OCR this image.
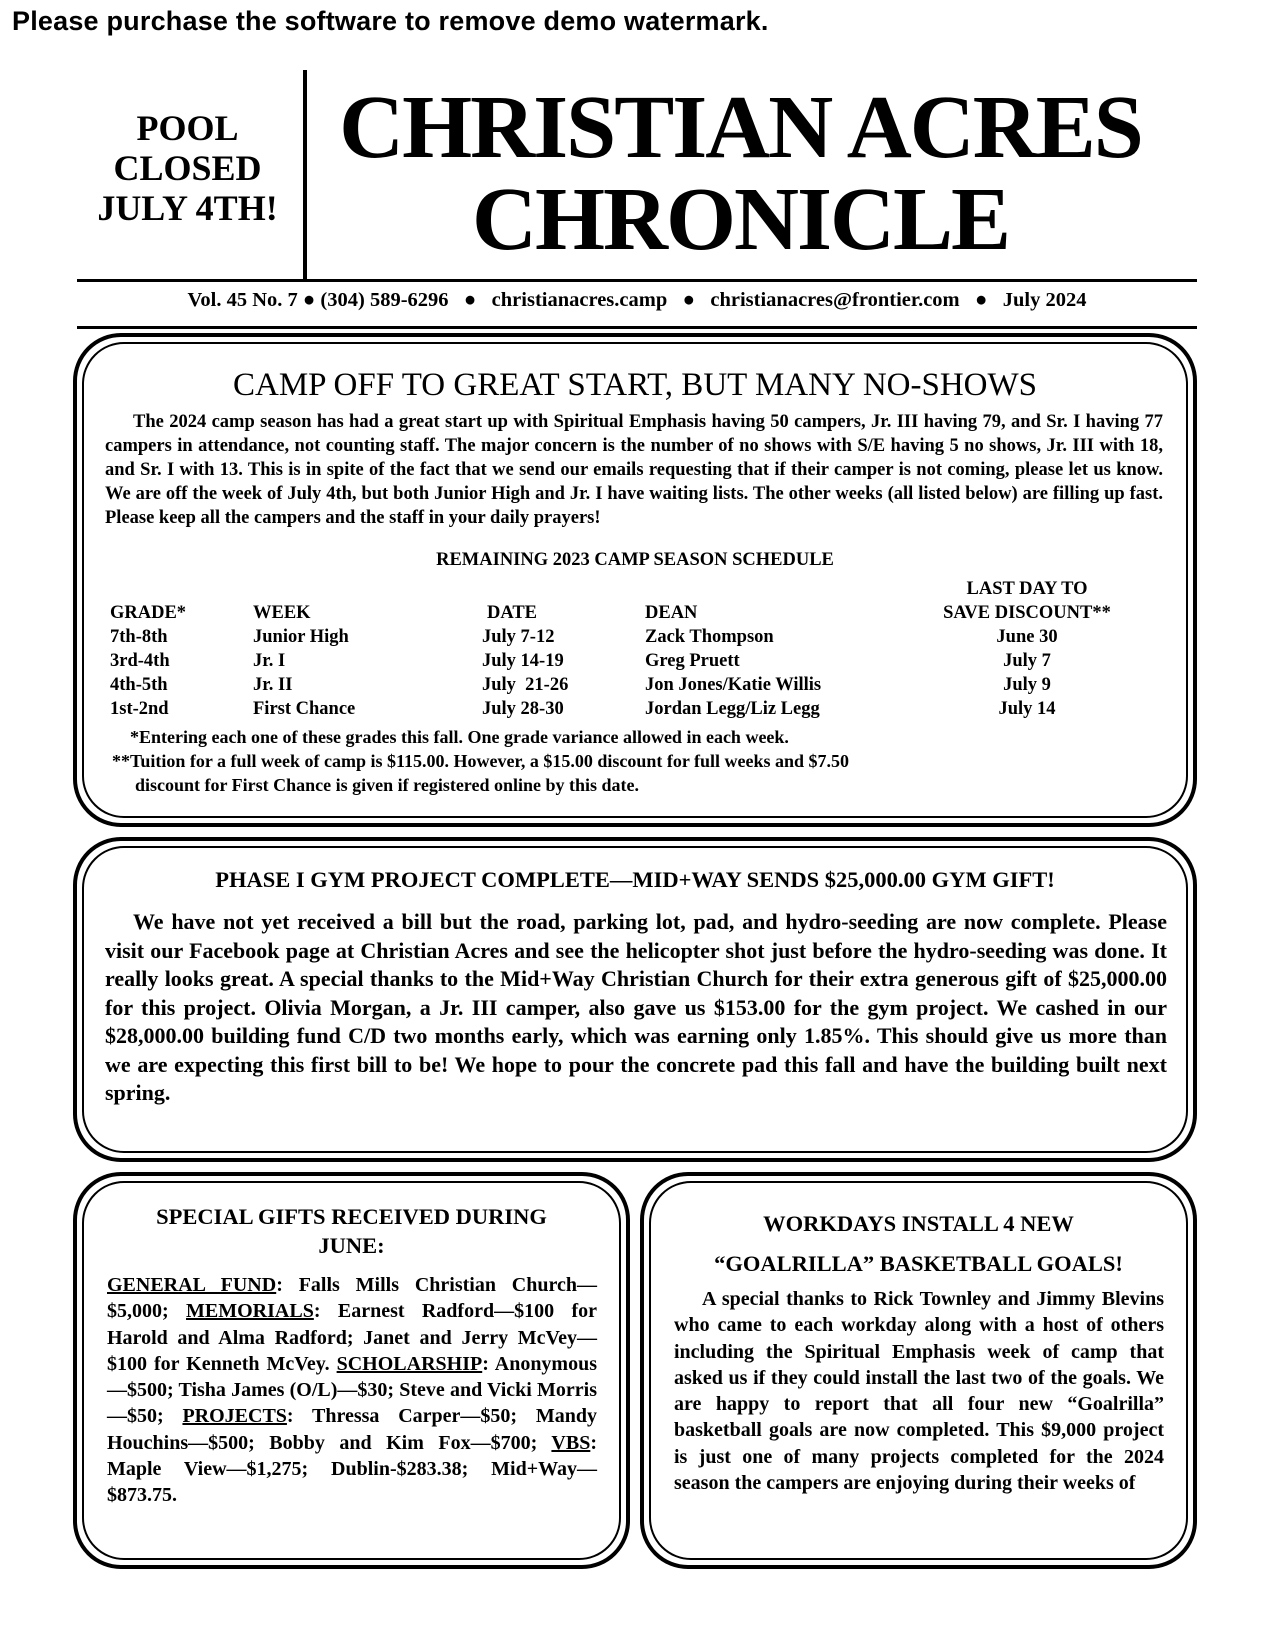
Please purchase the software to remove demo watermark.
POOL
CLOSED
JULY 4TH!
CHRISTIAN ACRES
CHRONICLE
Vol. 45 No. 7 ● (304) 589-6296   ●   christianacres.camp   ●   christianacres@frontier.com   ●   July 2024
CAMP OFF TO GREAT START, BUT MANY NO-SHOWS
The 2024 camp season has had a great start up with Spiritual Emphasis having 50 campers, Jr. III having 79, and Sr. I having 77 campers in attendance, not counting staff. The major concern is the number of no shows with S/E having 5 no shows, Jr. III with 18, and Sr. I with 13. This is in spite of the fact that we send our emails requesting that if their camper is not coming, please let us know. We are off the week of July 4th, but both Junior High and Jr. I have waiting lists. The other weeks (all listed below) are filling up fast. Please keep all the campers and the staff in your daily prayers!
REMAINING 2023 CAMP SEASON SCHEDULE
				LAST DAY TO
GRADE*	WEEK	DATE	DEAN	SAVE DISCOUNT**
7th-8th	Junior High	July 7-12	Zack Thompson	June 30
3rd-4th	Jr. I	July 14-19	Greg Pruett	July 7
4th-5th	Jr. II	July  21-26	Jon Jones/Katie Willis	July 9
1st-2nd	First Chance	July 28-30	Jordan Legg/Liz Legg	July 14
*Entering each one of these grades this fall. One grade variance allowed in each week.
**Tuition for a full week of camp is $115.00. However, a $15.00 discount for full weeks and $7.50
discount for First Chance is given if registered online by this date.
PHASE I GYM PROJECT COMPLETE—MID+WAY SENDS $25,000.00 GYM GIFT!
We have not yet received a bill but the road, parking lot, pad, and hydro-seeding are now complete. Please visit our Facebook page at Christian Acres and see the helicopter shot just before the hydro-seeding was done. It really looks great. A special thanks to the Mid+Way Christian Church for their extra generous gift of $25,000.00 for this project. Olivia Morgan, a Jr. III camper, also gave us $153.00 for the gym project. We cashed in our $28,000.00 building fund C/D two months early, which was earning only 1.85%. This should give us more than we are expecting this first bill to be! We hope to pour the concrete pad this fall and have the building built next spring.
SPECIAL GIFTS RECEIVED DURING
JUNE:
GENERAL FUND: Falls Mills Christian Church—$5,000; MEMORIALS: Earnest Radford—$100 for Harold and Alma Radford; Janet and Jerry McVey—$100 for Kenneth McVey. SCHOLARSHIP: Anonymous—$500; Tisha James (O/L)—$30; Steve and Vicki Morris—$50; PROJECTS: Thressa Carper—$50; Mandy Houchins—$500; Bobby and Kim Fox—$700; VBS: Maple View—$1,275; Dublin-$283.38; Mid+Way—$873.75.
WORKDAYS INSTALL 4 NEW
“GOALRILLA” BASKETBALL GOALS!
A special thanks to Rick Townley and Jimmy Blevins who came to each workday along with a host of others including the Spiritual Emphasis week of camp that asked us if they could install the last two of the goals. We are happy to report that all four new “Goalrilla” basketball goals are now completed. This $9,000 project is just one of many projects completed for the 2024 season the campers are enjoying during their weeks of
